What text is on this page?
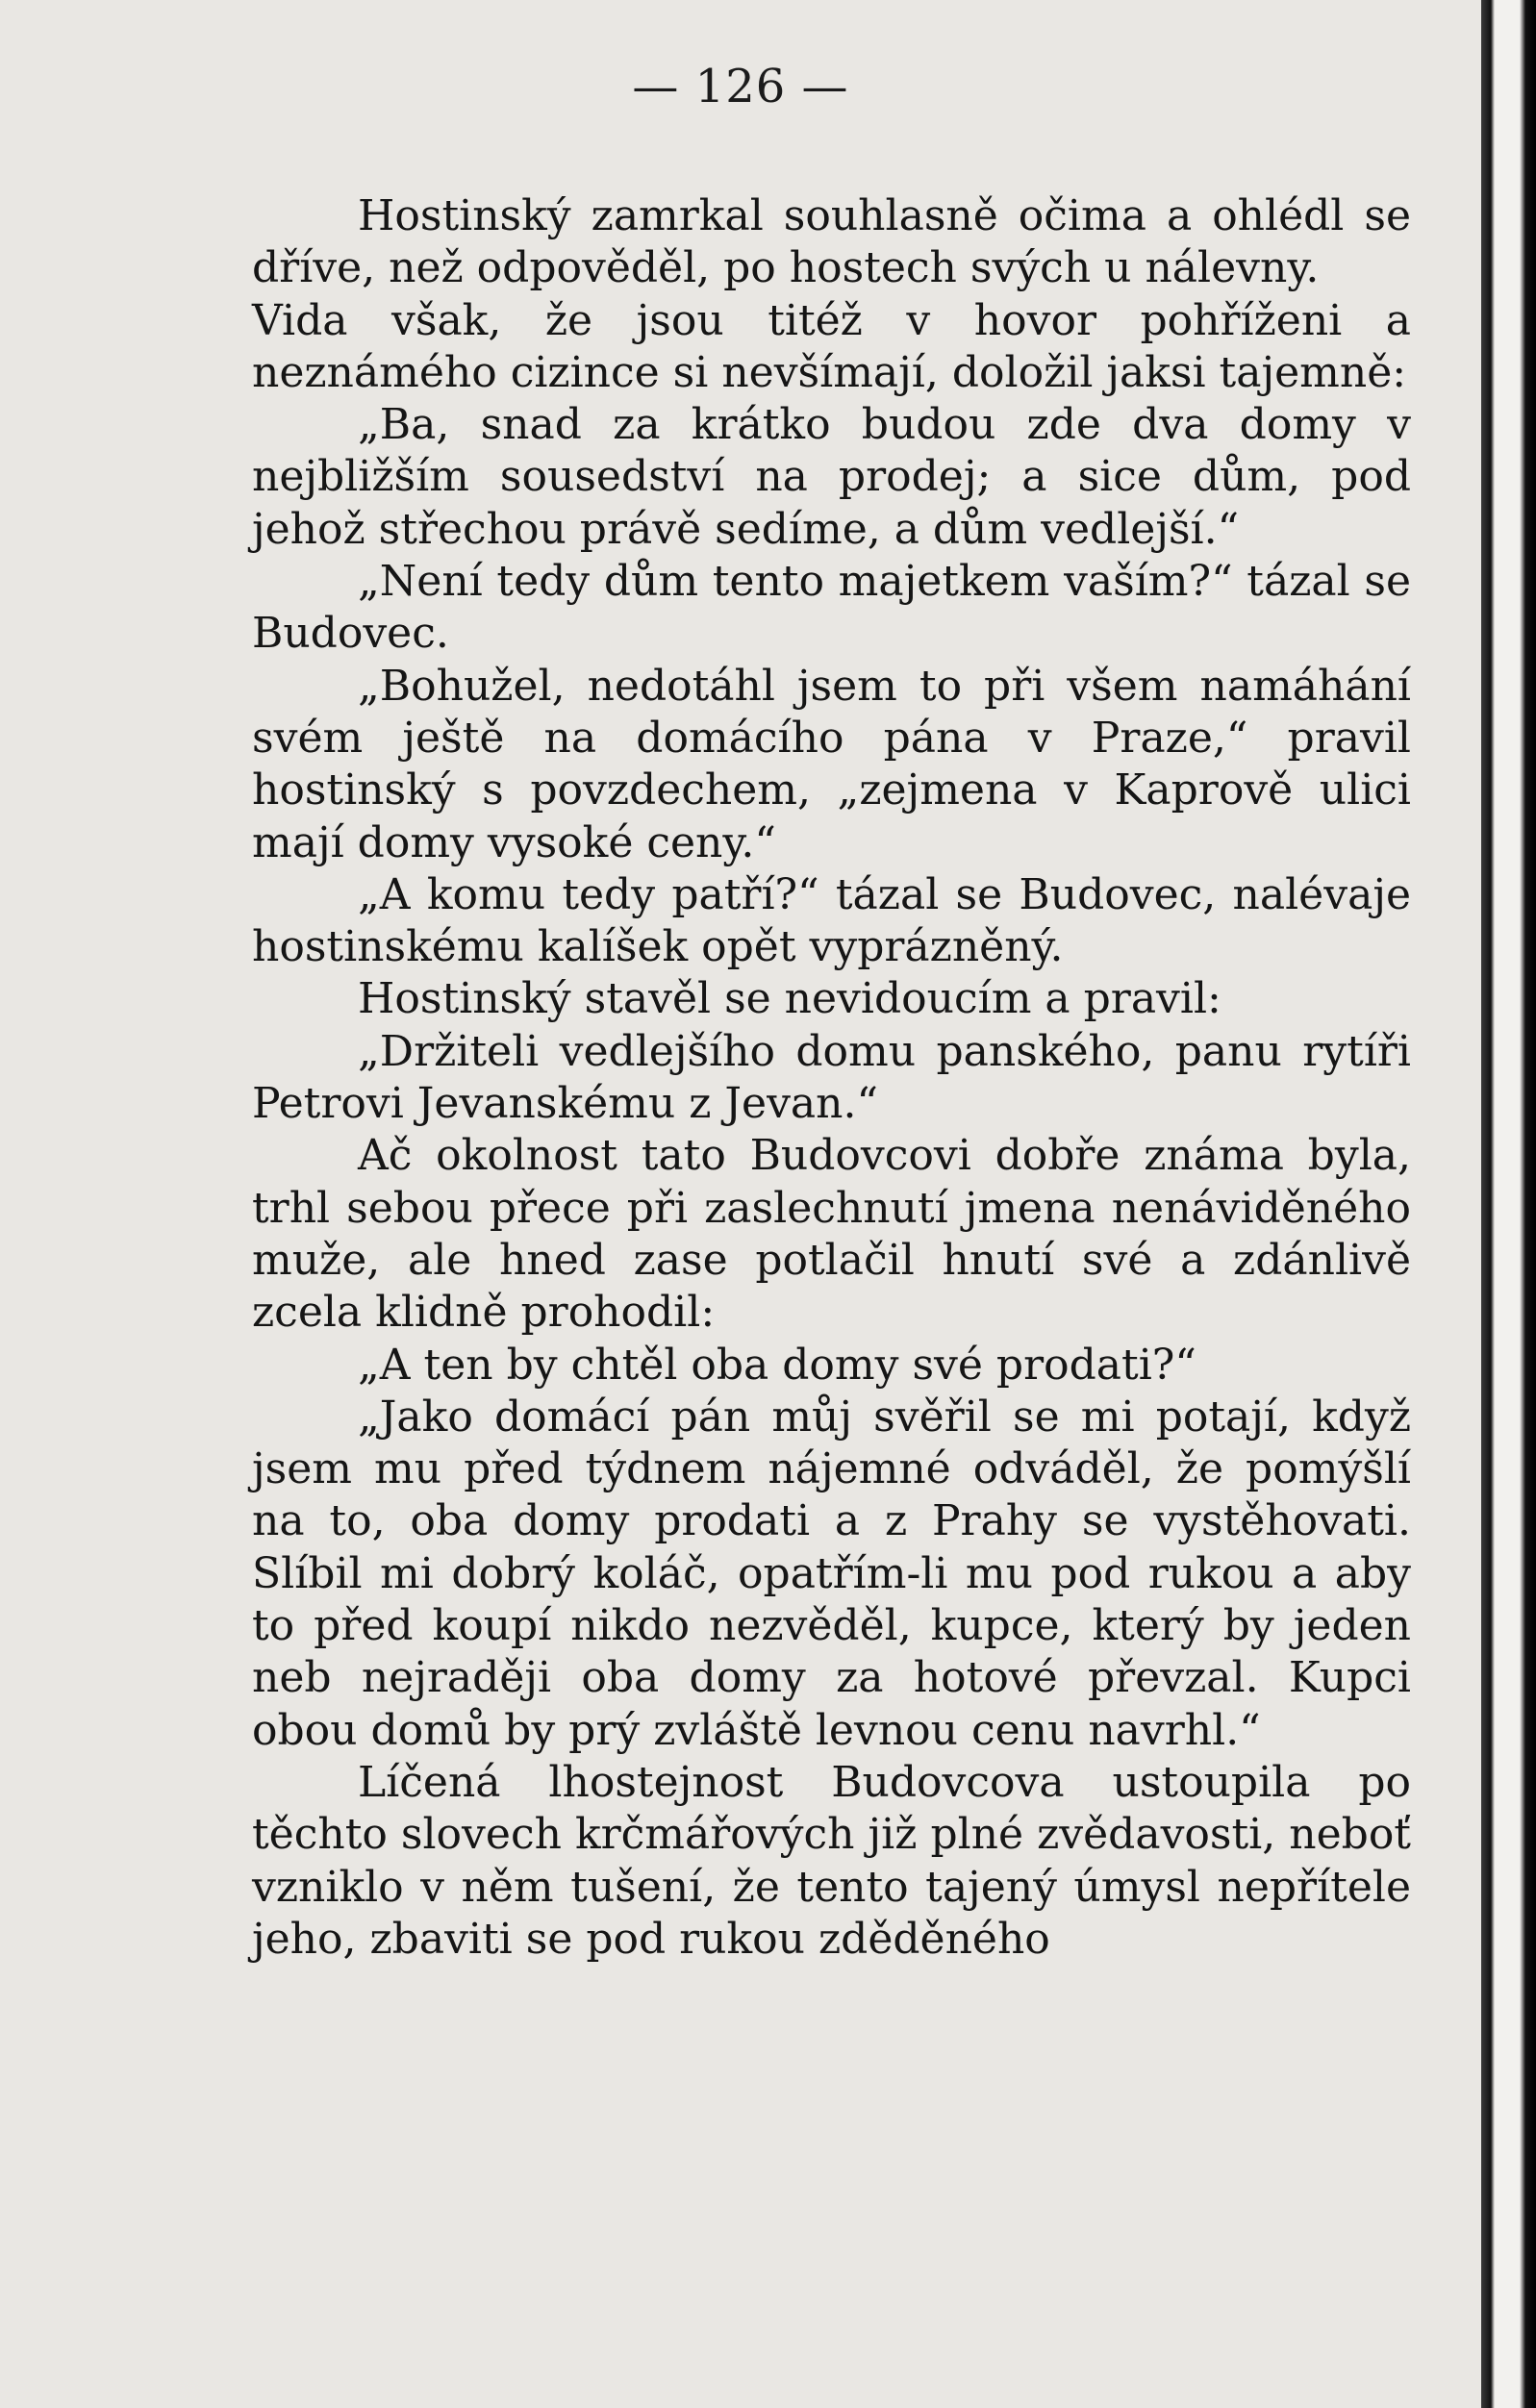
— 126 —

Hostinský zamrkal souhlasně očima a ohlédl se dříve, než odpověděl, po hostech svých u nálevny.

Vida však, že jsou titéž v hovor pohříženi a neznámého cizince si nevšímají, doložil jaksi tajemně:

„Ba, snad za krátko budou zde dva domy v nejbližším sousedství na prodej; a sice dům, pod jehož střechou právě sedíme, a dům vedlejší.“

„Není tedy dům tento majetkem vaším?“ tázal se Budovec.

„Bohužel, nedotáhl jsem to při všem namáhání svém ještě na domácího pána v Praze,“ pravil hostinský s povzdechem, „zejmena v Kaprově ulici mají domy vysoké ceny.“

„A komu tedy patří?“ tázal se Budovec, nalévaje hostinskému kalíšek opět vyprázněný.

Hostinský stavěl se nevidoucím a pravil:

„Držiteli vedlejšího domu panského, panu rytíři Petrovi Jevanskému z Jevan.“

Ač okolnost tato Budovcovi dobře známa byla, trhl sebou přece při zaslechnutí jmena nenáviděného muže, ale hned zase potlačil hnutí své a zdánlivě zcela klidně prohodil:

„A ten by chtěl oba domy své prodati?“

„Jako domácí pán můj svěřil se mi potají, když jsem mu před týdnem nájemné odváděl, že pomýšlí na to, oba domy prodati a z Prahy se vystěhovati. Slíbil mi dobrý koláč, opatřím-li mu pod rukou a aby to před koupí nikdo nezvěděl, kupce, který by jeden neb nejraději oba domy za hotové převzal. Kupci obou domů by prý zvláště levnou cenu navrhl.“

Líčená lhostejnost Budovcova ustoupila po těchto slovech krčmářových již plné zvědavosti, neboť vzniklo v něm tušení, že tento tajený úmysl nepřítele jeho, zbaviti se pod rukou zděděného
